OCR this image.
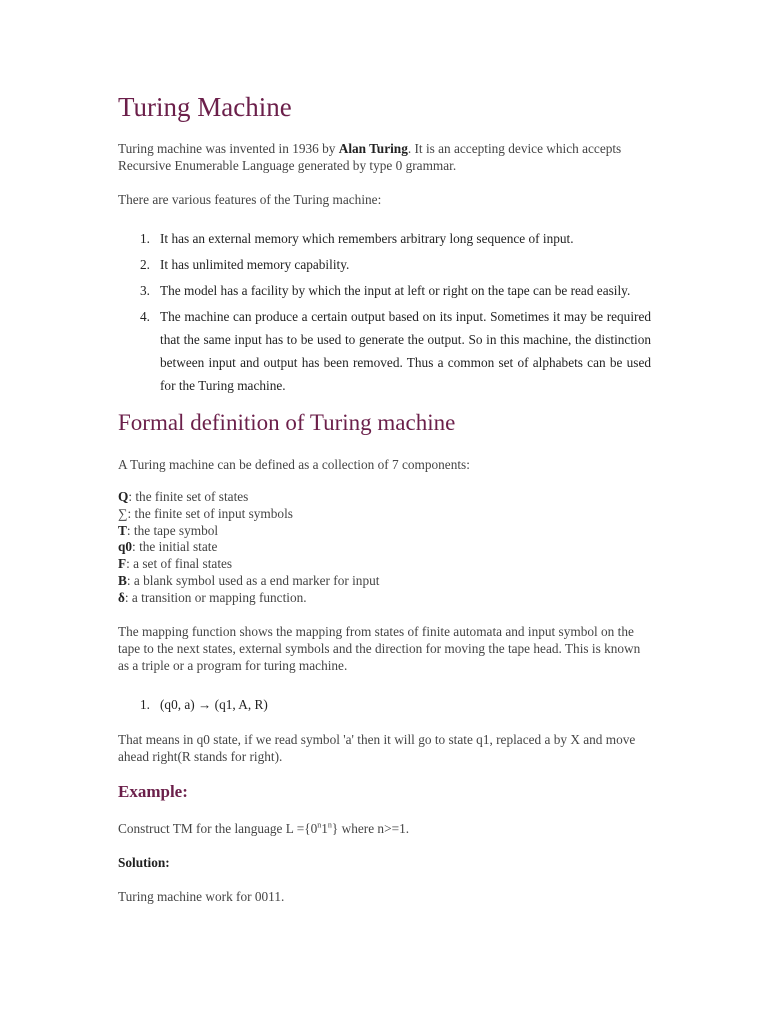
Turing Machine

Turing machine was invented in 1936 by Alan Turing. It is an accepting device which accepts Recursive Enumerable Language generated by type 0 grammar.

There are various features of the Turing machine:

1. It has an external memory which remembers arbitrary long sequence of input.
2. It has unlimited memory capability.
3. The model has a facility by which the input at left or right on the tape can be read easily.
4. The machine can produce a certain output based on its input. Sometimes it may be required that the same input has to be used to generate the output. So in this machine, the distinction between input and output has been removed. Thus a common set of alphabets can be used for the Turing machine.
Formal definition of Turing machine

A Turing machine can be defined as a collection of 7 components:

Q: the finite set of states
∑: the finite set of input symbols
T: the tape symbol
q0: the initial state
F: a set of final states
B: a blank symbol used as a end marker for input
δ: a transition or mapping function.

The mapping function shows the mapping from states of finite automata and input symbol on the tape to the next states, external symbols and the direction for moving the tape head. This is known as a triple or a program for turing machine.

1. (q0, a) → (q1, A, R)

That means in q0 state, if we read symbol 'a' then it will go to state q1, replaced a by X and move ahead right(R stands for right).

Example:

Construct TM for the language $L =\{0^n1^n\}$ where n>=1.

Solution:

Turing machine work for 0011.
